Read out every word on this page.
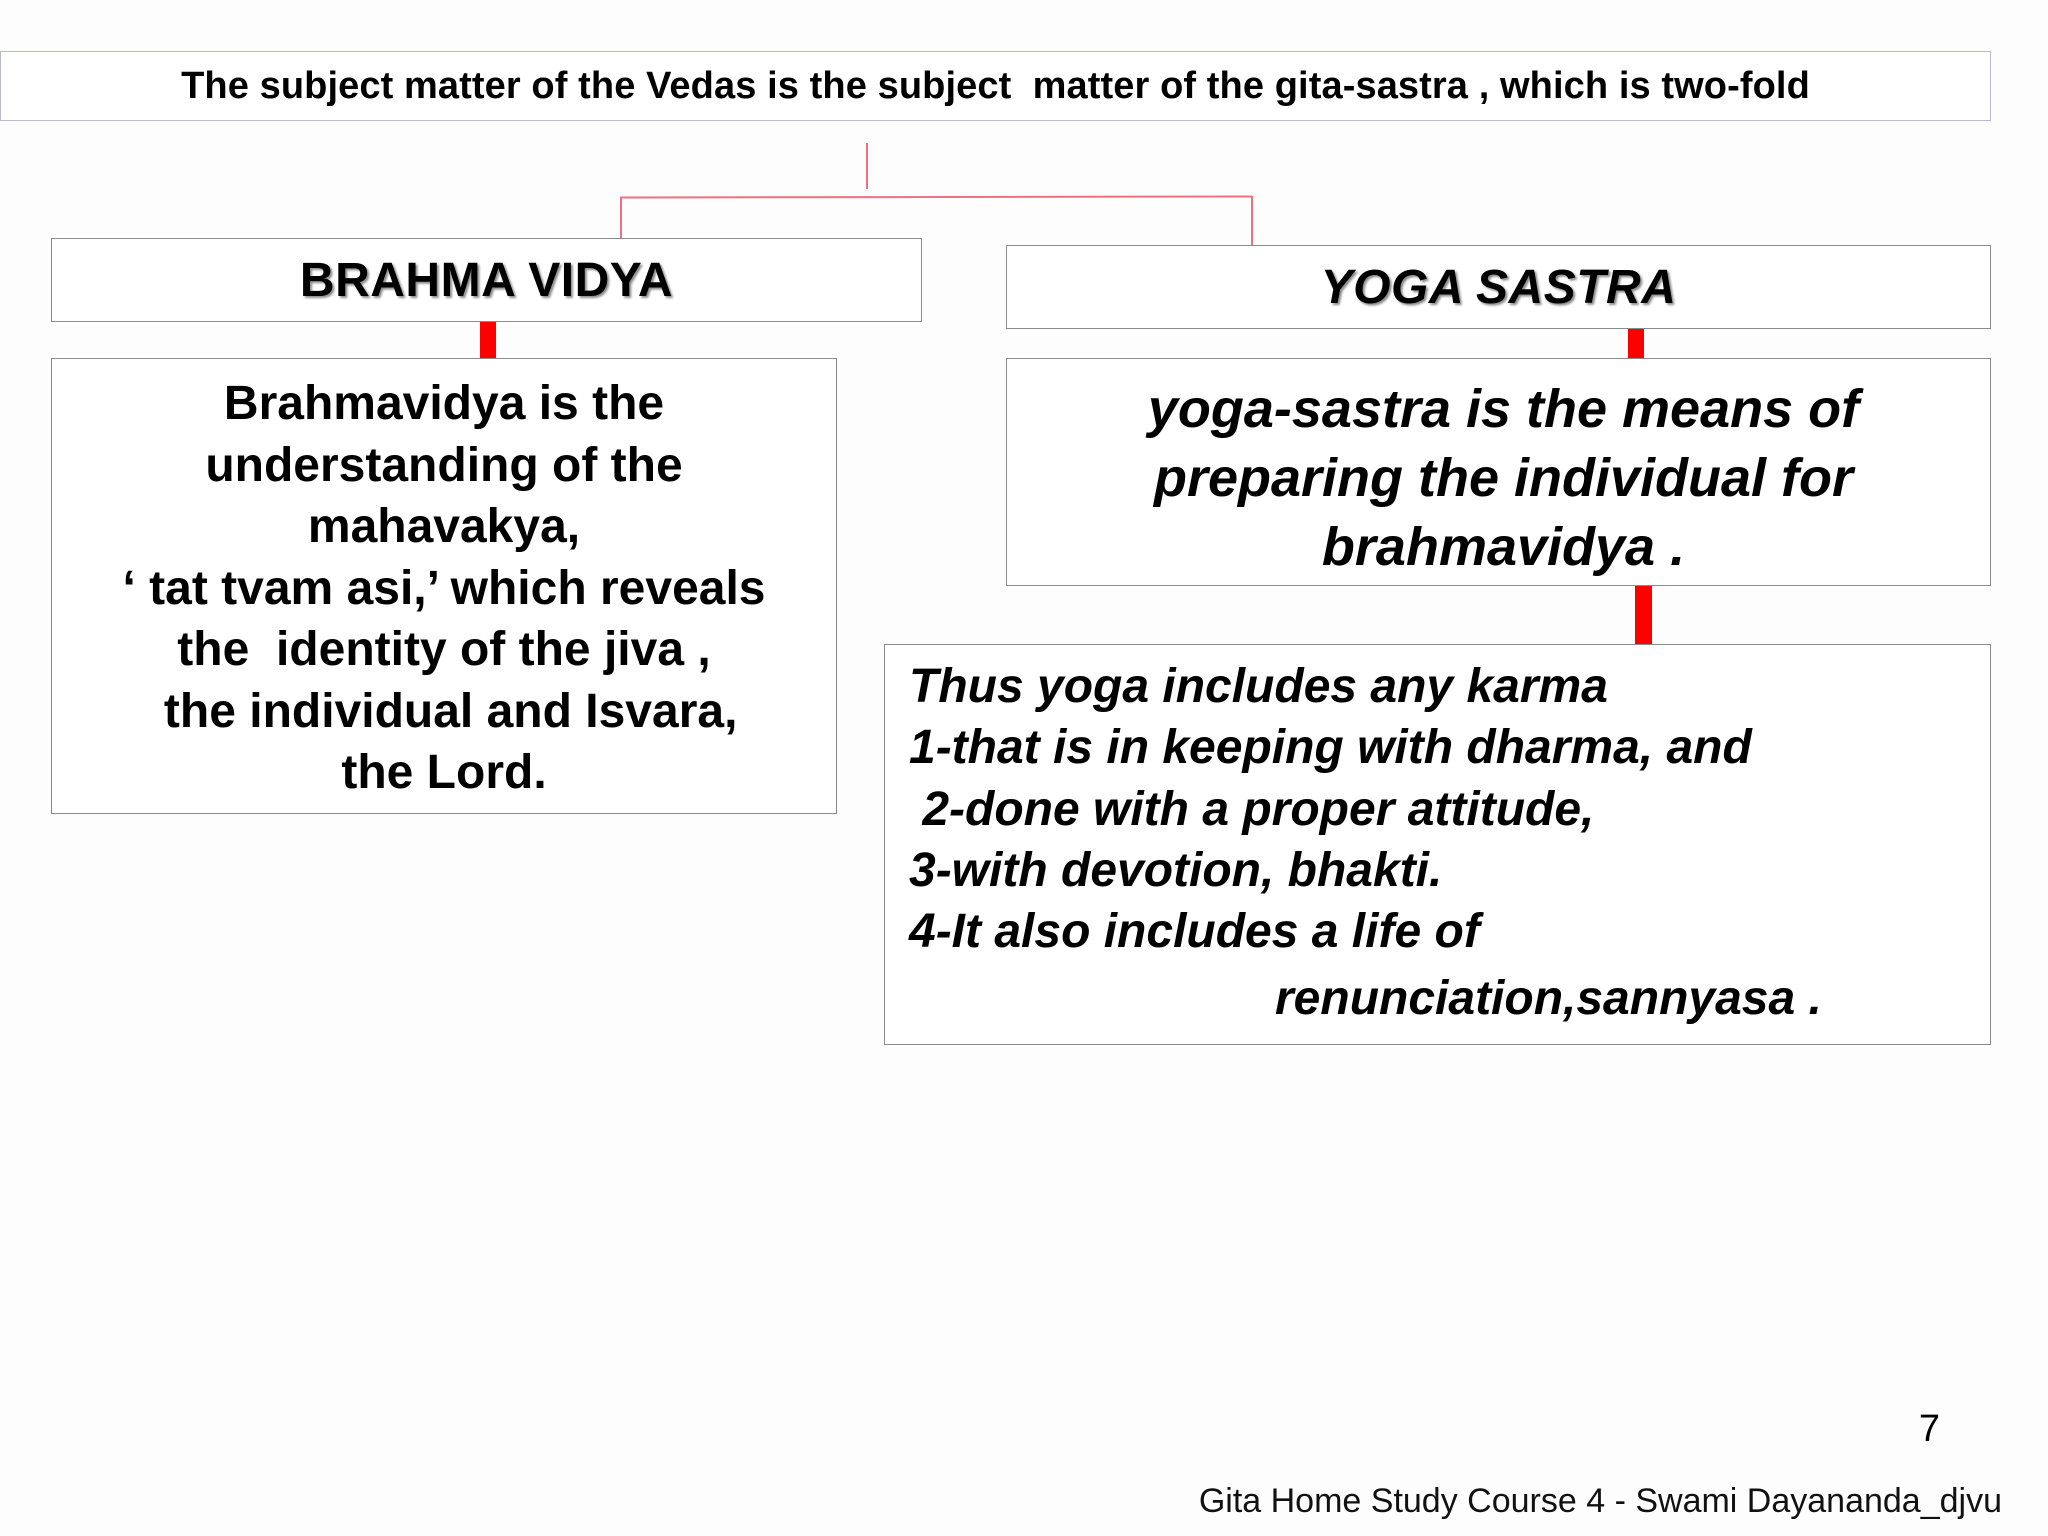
The subject matter of the Vedas is the subject  matter of the gita-sastra , which is two-fold
BRAHMA VIDYA	YOGA SASTRA
Brahmavidya is the
understanding of the
mahavakya,
‘ tat tvam asi,’ which reveals
the  identity of the jiva ,
the individual and Isvara,
the Lord.
yoga-sastra is the means of
preparing the individual for
brahmavidya .
Thus yoga includes any karma
1-that is in keeping with dharma, and
2-done with a proper attitude,
3-with devotion, bhakti.
4-It also includes a life of
renunciation,sannyasa .
7
Gita Home Study Course 4 - Swami Dayananda_djvu
